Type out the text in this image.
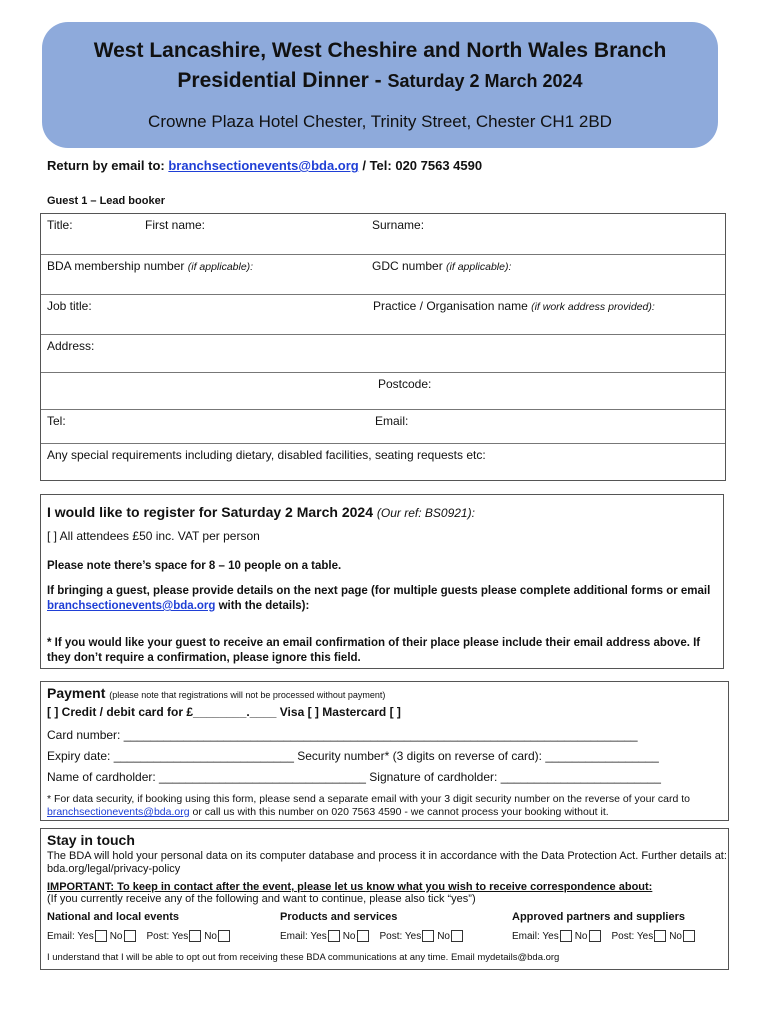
West Lancashire, West Cheshire and North Wales Branch
Presidential Dinner - Saturday 2 March 2024
Crowne Plaza Hotel Chester, Trinity Street, Chester CH1 2BD
Return by email to: branchsectionevents@bda.org / Tel: 020 7563 4590
Guest 1 – Lead booker
Title:	First name:	Surname:
BDA membership number (if applicable):	GDC number (if applicable):
Job title:	Practice / Organisation name (if work address provided):
Address:
Postcode:
Tel:	Email:
Any special requirements including dietary, disabled facilities, seating requests etc:
I would like to register for Saturday 2 March 2024 (Our ref: BS0921):
[ ] All attendees £50 inc. VAT per person
Please note there’s space for 8 – 10 people on a table.
If bringing a guest, please provide details on the next page (for multiple guests please complete additional forms or email branchsectionevents@bda.org with the details):
* If you would like your guest to receive an email confirmation of their place please include their email address above. If they don’t require a confirmation, please ignore this field.
Payment (please note that registrations will not be processed without payment)
[ ] Credit / debit card for £________.____ Visa [ ] Mastercard [ ]
Card number: _____________________________________________________________________________
Expiry date: ___________________________ Security number* (3 digits on reverse of card): _________________
Name of cardholder: _______________________________ Signature of cardholder: ________________________
* For data security, if booking using this form, please send a separate email with your 3 digit security number on the reverse of your card to branchsectionevents@bda.org or call us with this number on 020 7563 4590 - we cannot process your booking without it.
Stay in touch
The BDA will hold your personal data on its computer database and process it in accordance with the Data Protection Act. Further details at: bda.org/legal/privacy-policy
IMPORTANT: To keep in contact after the event, please let us know what you wish to receive correspondence about:
(If you currently receive any of the following and want to continue, please also tick “yes”)
National and local events	Products and services	Approved partners and suppliers
Email: Yes No Post: Yes No	Email: Yes No Post: Yes No	Email: Yes No Post: Yes No
I understand that I will be able to opt out from receiving these BDA communications at any time. Email mydetails@bda.org
